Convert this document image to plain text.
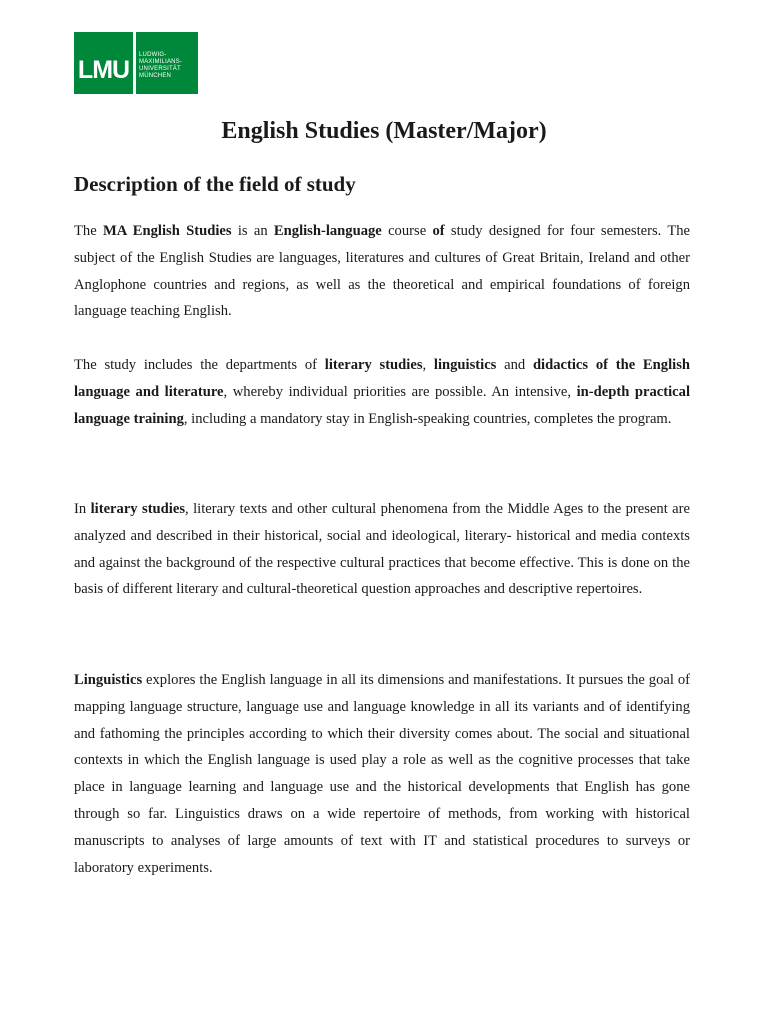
LMU
LUDWIG-
MAXIMILIANS-
UNIVERSITÄT
MÜNCHEN
English Studies (Master/Major)
Description of the field of study

The MA English Studies is an English-language course of study designed for four semesters. The subject of the English Studies are languages, literatures and cultures of Great Britain, Ireland and other Anglophone countries and regions, as well as the theoretical and empirical foundations of foreign language teaching English.

The study includes the departments of literary studies, linguistics and didactics of the English language and literature, whereby individual priorities are possible. An intensive, in-depth practical language training, including a mandatory stay in English-speaking countries, completes the program.

In literary studies, literary texts and other cultural phenomena from the Middle Ages to the present are analyzed and described in their historical, social and ideological, literary- historical and media contexts and against the background of the respective cultural practices that become effective. This is done on the basis of different literary and cultural-theoretical question approaches and descriptive repertoires.

Linguistics explores the English language in all its dimensions and manifestations. It pursues the goal of mapping language structure, language use and language knowledge in all its variants and of identifying and fathoming the principles according to which their diversity comes about. The social and situational contexts in which the English language is used play a role as well as the cognitive processes that take place in language learning and language use and the historical developments that English has gone through so far. Linguistics draws on a wide repertoire of methods, from working with historical manuscripts to analyses of large amounts of text with IT and statistical procedures to surveys or laboratory experiments.
